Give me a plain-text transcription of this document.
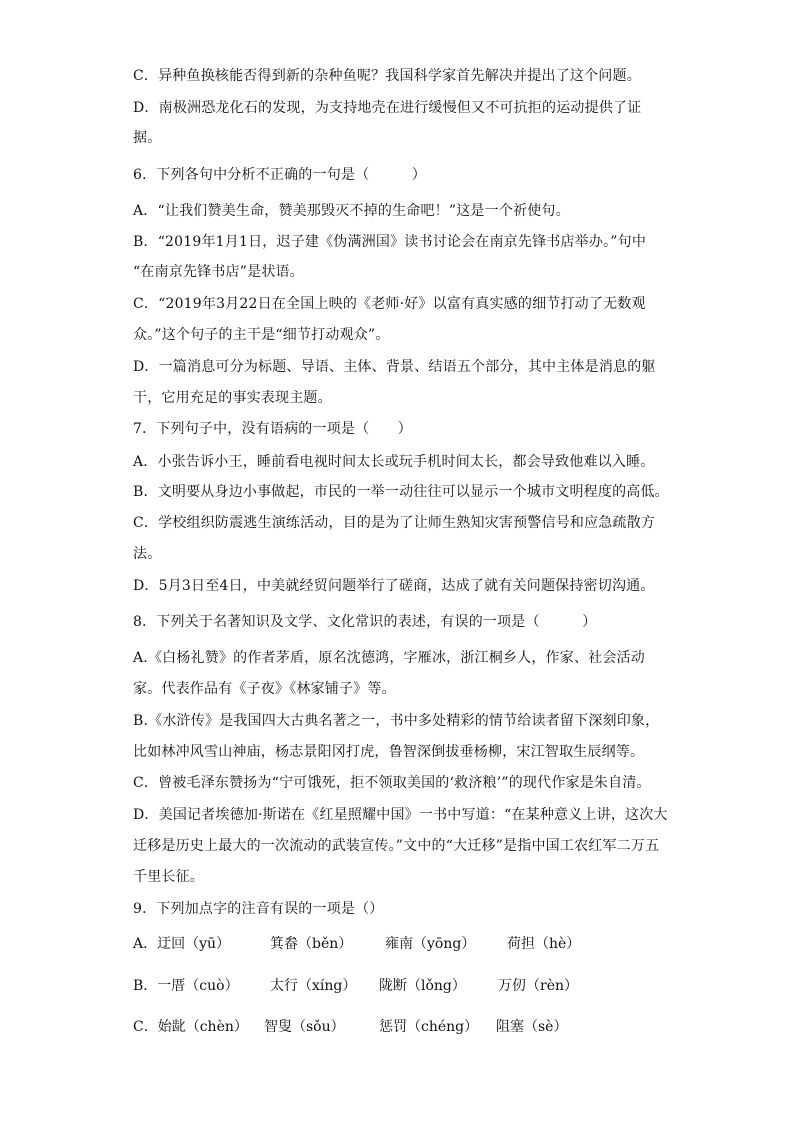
C．异种鱼换核能否得到新的杂种鱼呢？我国科学家首先解决并提出了这个问题。
D．南极洲恐龙化石的发现，为支持地壳在进行缓慢但又不可抗拒的运动提供了证
据。
6．下列各句中分析不正确的一句是（　　　）
A．“让我们赞美生命，赞美那毁灭不掉的生命吧！”这是一个祈使句。
B．“2019年1月1日，迟子建《伪满洲国》读书讨论会在南京先锋书店举办。”句中
“在南京先锋书店”是状语。
C．“2019年3月22日在全国上映的《老师·好》以富有真实感的细节打动了无数观
众。”这个句子的主干是“细节打动观众”。
D．一篇消息可分为标题、导语、主体、背景、结语五个部分，其中主体是消息的躯
干，它用充足的事实表现主题。
7．下列句子中，没有语病的一项是（　　）
A．小张告诉小王，睡前看电视时间太长或玩手机时间太长，都会导致他难以入睡。
B．文明要从身边小事做起，市民的一举一动往往可以显示一个城市文明程度的高低。
C．学校组织防震逃生演练活动，目的是为了让师生熟知灾害预警信号和应急疏散方
法。
D．5月3日至4日，中美就经贸问题举行了磋商，达成了就有关问题保持密切沟通。
8．下列关于名著知识及文学、文化常识的表述，有误的一项是（　　　）
A.《白杨礼赞》的作者茅盾，原名沈德鸿，字雁冰，浙江桐乡人，作家、社会活动
家。代表作品有《子夜》《林家铺子》等。
B.《水浒传》是我国四大古典名著之一，书中多处精彩的情节给读者留下深刻印象，
比如林冲风雪山神庙，杨志景阳冈打虎，鲁智深倒拔垂杨柳，宋江智取生辰纲等。
C．曾被毛泽东赞扬为“宁可饿死，拒不领取美国的‘救济粮’”的现代作家是朱自清。
D．美国记者埃德加·斯诺在《红星照耀中国》一书中写道：“在某种意义上讲，这次大
迁移是历史上最大的一次流动的武装宣传。”文中的“大迁移”是指中国工农红军二万五
千里长征。
9．下列加点字的注音有误的一项是（）
A．迂回（yū）	箕畚（běn） 雍南（yōng） 荷担（hè）
B．一厝（cuò） 太行（xíng） 陇断（lǒng） 万仞（rèn）
C．始龀（chèn） 智叟（sǒu） 惩罚（chéng） 阻塞（sè）
